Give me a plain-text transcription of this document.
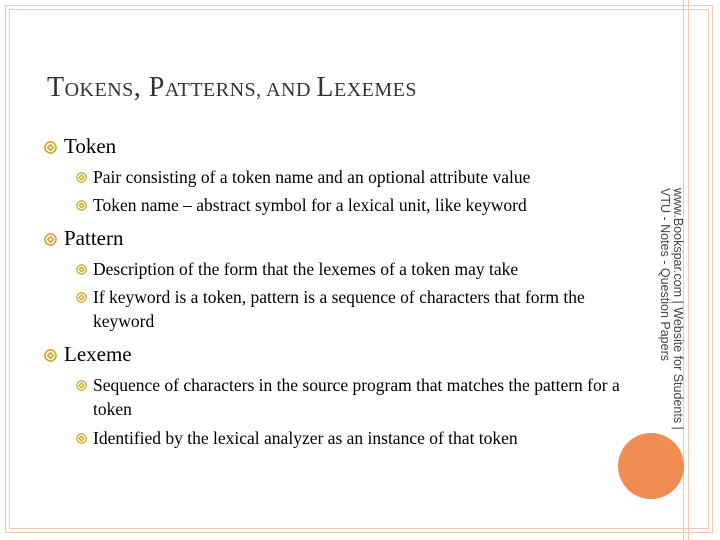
TOKENS, PATTERNS, AND LEXEMES
Token
Pair consisting of a token name and an optional attribute value
Token name – abstract symbol for a lexical unit, like keyword
Pattern
Description of the form that the lexemes of a token may take
If keyword is a token, pattern is a sequence of characters that form the
keyword
Lexeme
Sequence of characters in the source program that matches the pattern for a
token
Identified by the lexical analyzer as an instance of that token
www.Bookspar.com | Website for Students |
VTU - Notes - Question Papers
